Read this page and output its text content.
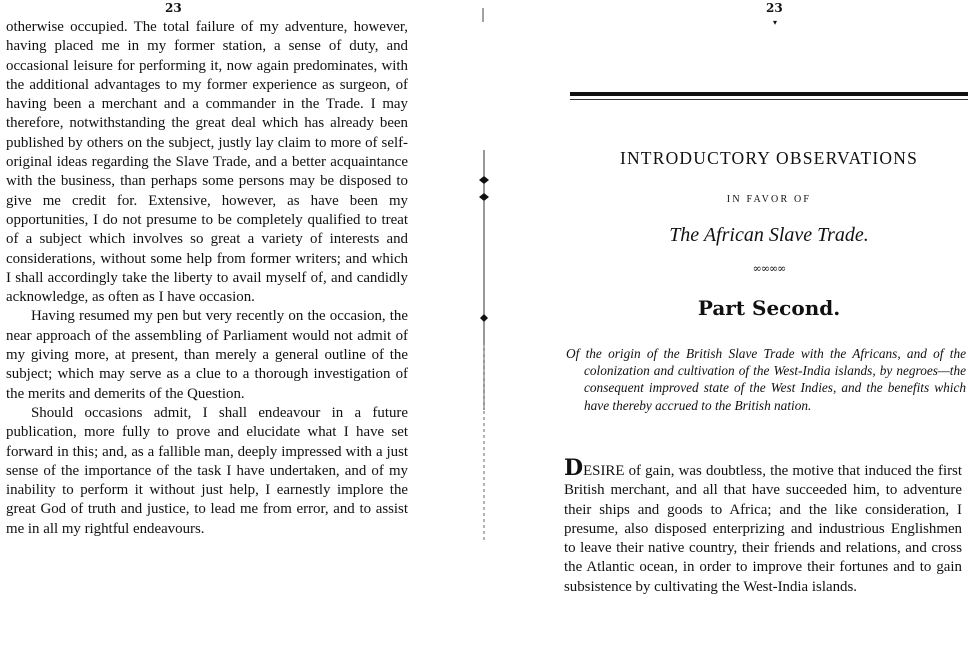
23

otherwise occupied. The total failure of my adventure, however, having placed me in my former station, a sense of duty, and occasional leisure for performing it, now again predominates, with the additional advantages to my former experience as surgeon, of having been a merchant and a commander in the Trade. I may therefore, notwithstanding the great deal which has already been published by others on the subject, justly lay claim to more of self-original ideas regarding the Slave Trade, and a better acquaintance with the business, than perhaps some persons may be disposed to give me credit for. Extensive, however, as have been my opportunities, I do not presume to be completely qualified to treat of a subject which involves so great a variety of interests and considerations, without some help from former writers; and which I shall accordingly take the liberty to avail myself of, and candidly acknowledge, as often as I have occasion.

Having resumed my pen but very recently on the occasion, the near approach of the assembling of Parliament would not admit of my giving more, at present, than merely a general outline of the subject; which may serve as a clue to a thorough investigation of the merits and demerits of the Question.

Should occasions admit, I shall endeavour in a future publication, more fully to prove and elucidate what I have set forward in this; and, as a fallible man, deeply impressed with a just sense of the importance of the task I have undertaken, and of my inability to perform it without just help, I earnestly implore the great God of truth and justice, to lead me from error, and to assist me in all my rightful endeavours.

23
▾
INTRODUCTORY OBSERVATIONS
IN FAVOR OF
The African Slave Trade.
∞∞∞∞
Part Second.

Of the origin of the British Slave Trade with the Africans, and of the colonization and cultivation of the West-India islands, by negroes—the consequent improved state of the West Indies, and the benefits which have thereby accrued to the British nation.

DESIRE of gain, was doubtless, the motive that induced the first British merchant, and all that have succeeded him, to adventure their ships and goods to Africa; and the like consideration, I presume, also disposed enterprizing and industrious Englishmen to leave their native country, their friends and relations, and cross the Atlantic ocean, in order to improve their fortunes and to gain subsistence by cultivating the West-India islands.
